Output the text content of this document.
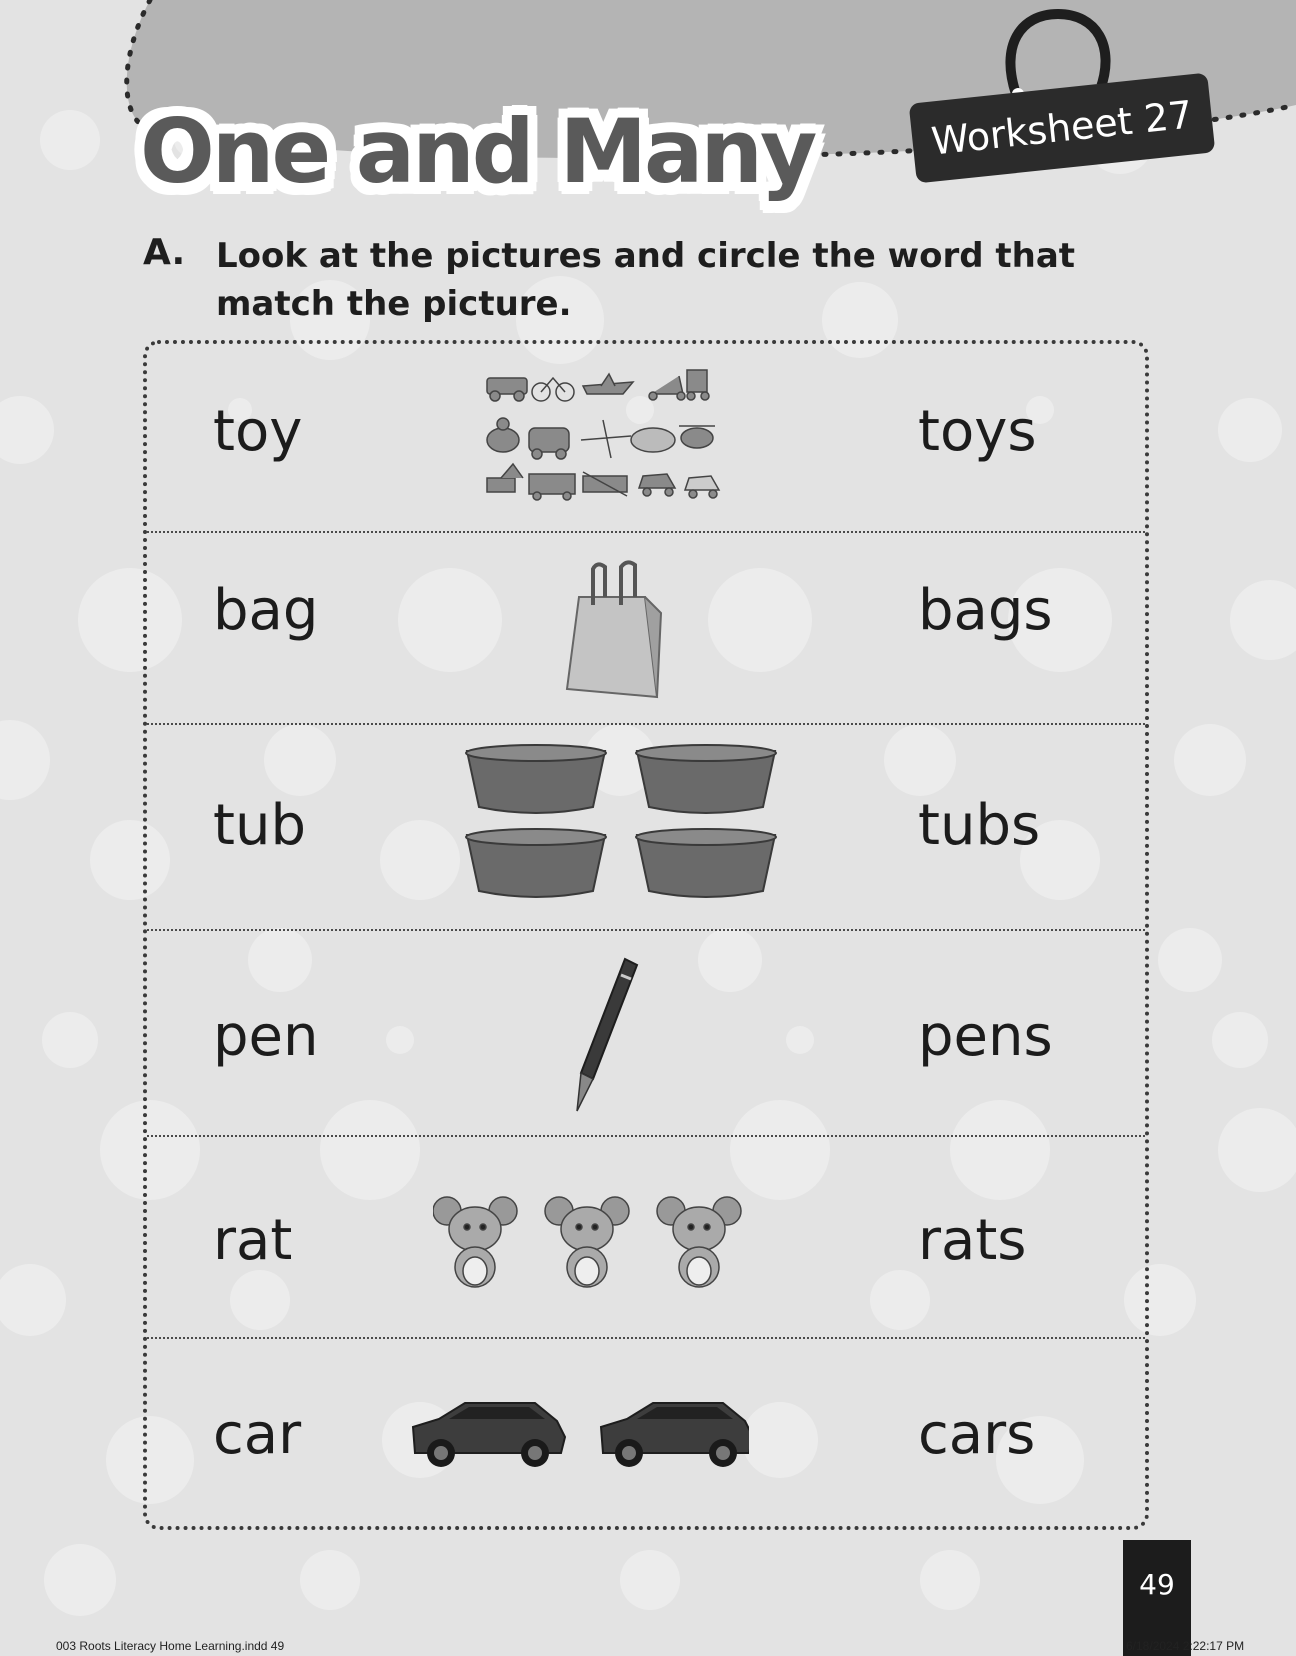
One and Many	Worksheet 27
A. Look at the pictures and circle the word that
match the picture.
toy	toys
bag	bags
tub	tubs
pen	pens
rat	rats
car	cars
49
003 Roots Literacy Home Learning.indd 49	6/18/2024 2:22:17 PM
